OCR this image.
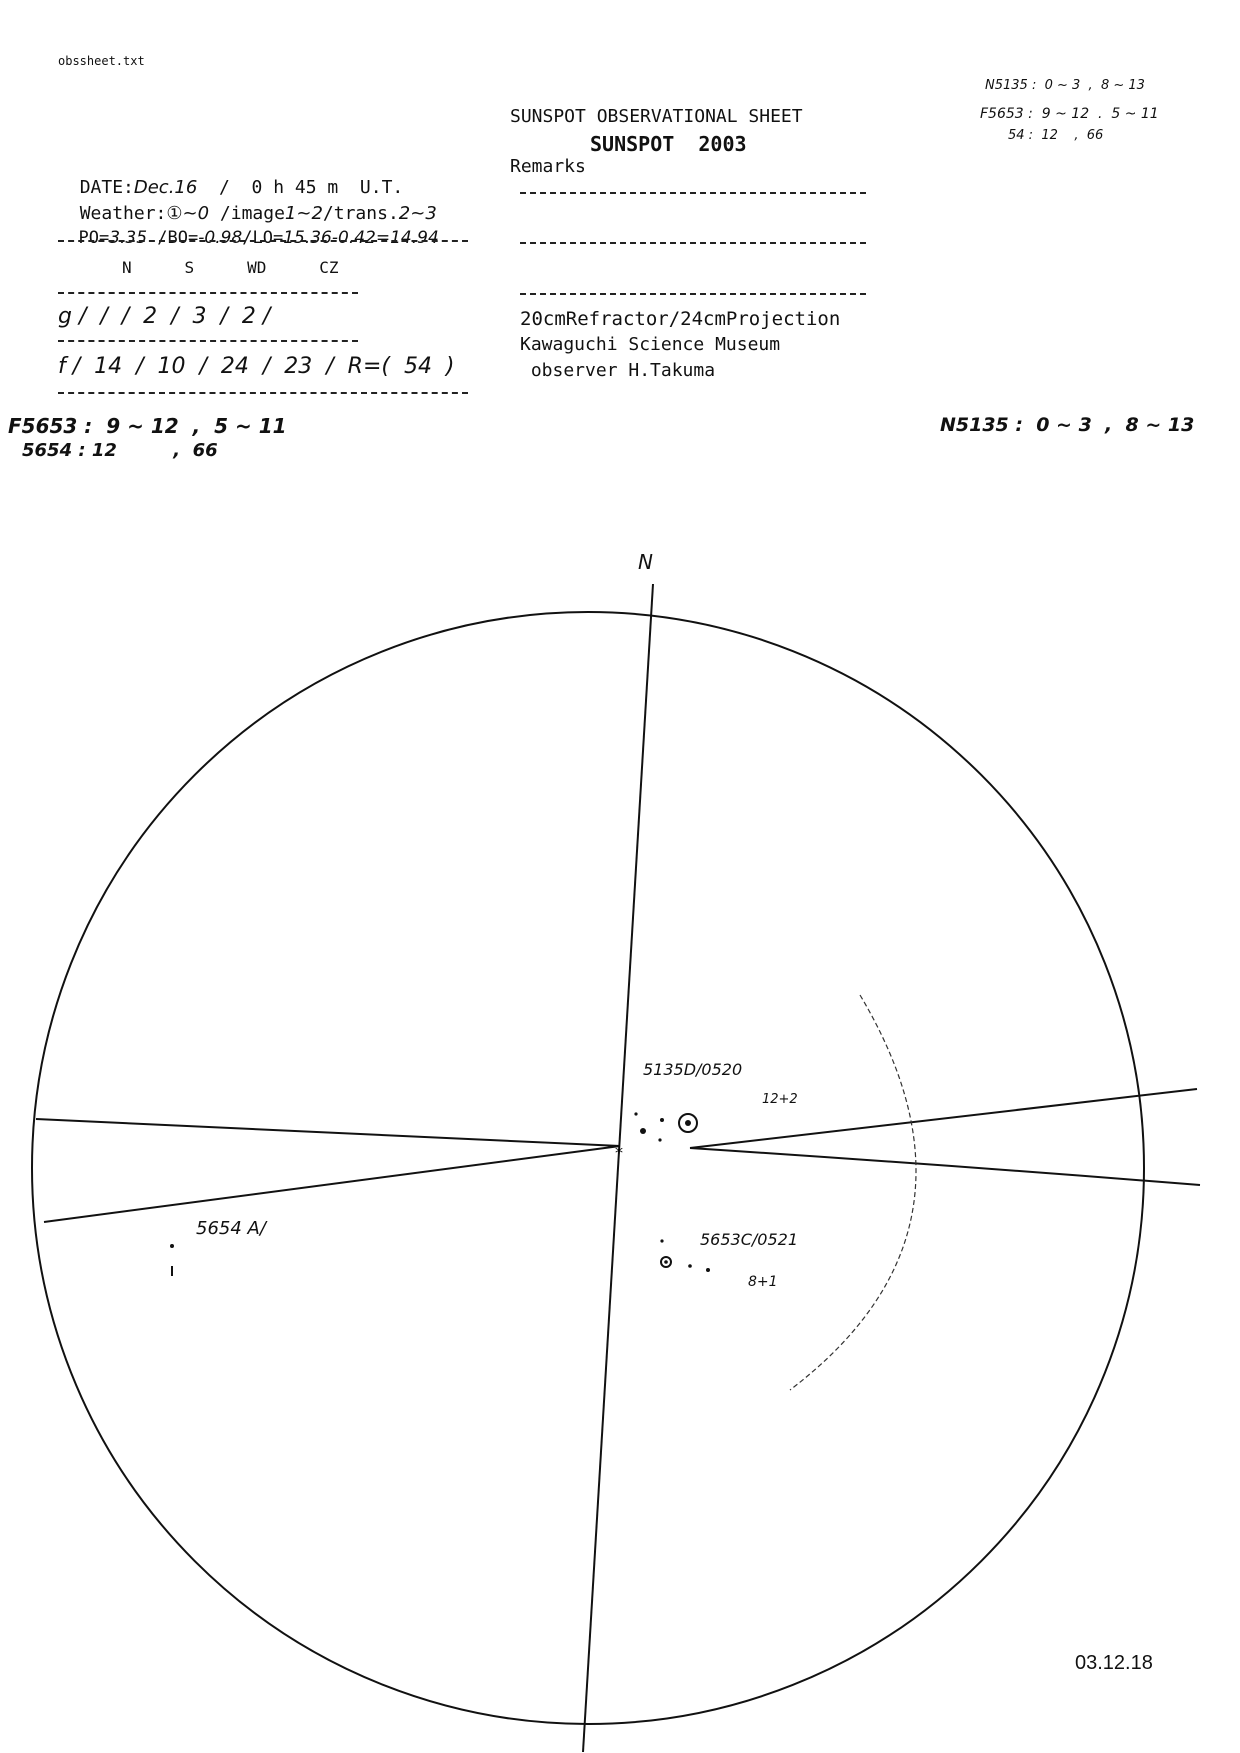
obssheet.txt
SUNSPOT OBSERVATIONAL SHEET
SUNSPOT  2003
Remarks
N5135 :  0 ~ 3  ,  8 ~ 13
F5653 :  9 ~ 12  .  5 ~ 11
54 :  12    ,  66

DATE:Dec.16  /  0 h 45 m  U.T.

Weather:①~0 /image1~2/trans.2~3

PO=3.35 /BO=-0.98/LO=15.36-0.42=14.94

N   S   WD   CZ
g /  /  /  2  /  3  /  2 /
f /  14  /  10  /  24  /  23  /  R=(  54  )
20cmRefractor/24cmProjection
Kawaguchi Science Museum
observer H.Takuma
F5653 :  9 ~ 12  ,  5 ~ 11
5654 : 12         ,  66
N5135 :  0 ~ 3  ,  8 ~ 13
*
N
5135D/0520
12+2
5653C/0521
8+1
5654 A/
03.12.18
